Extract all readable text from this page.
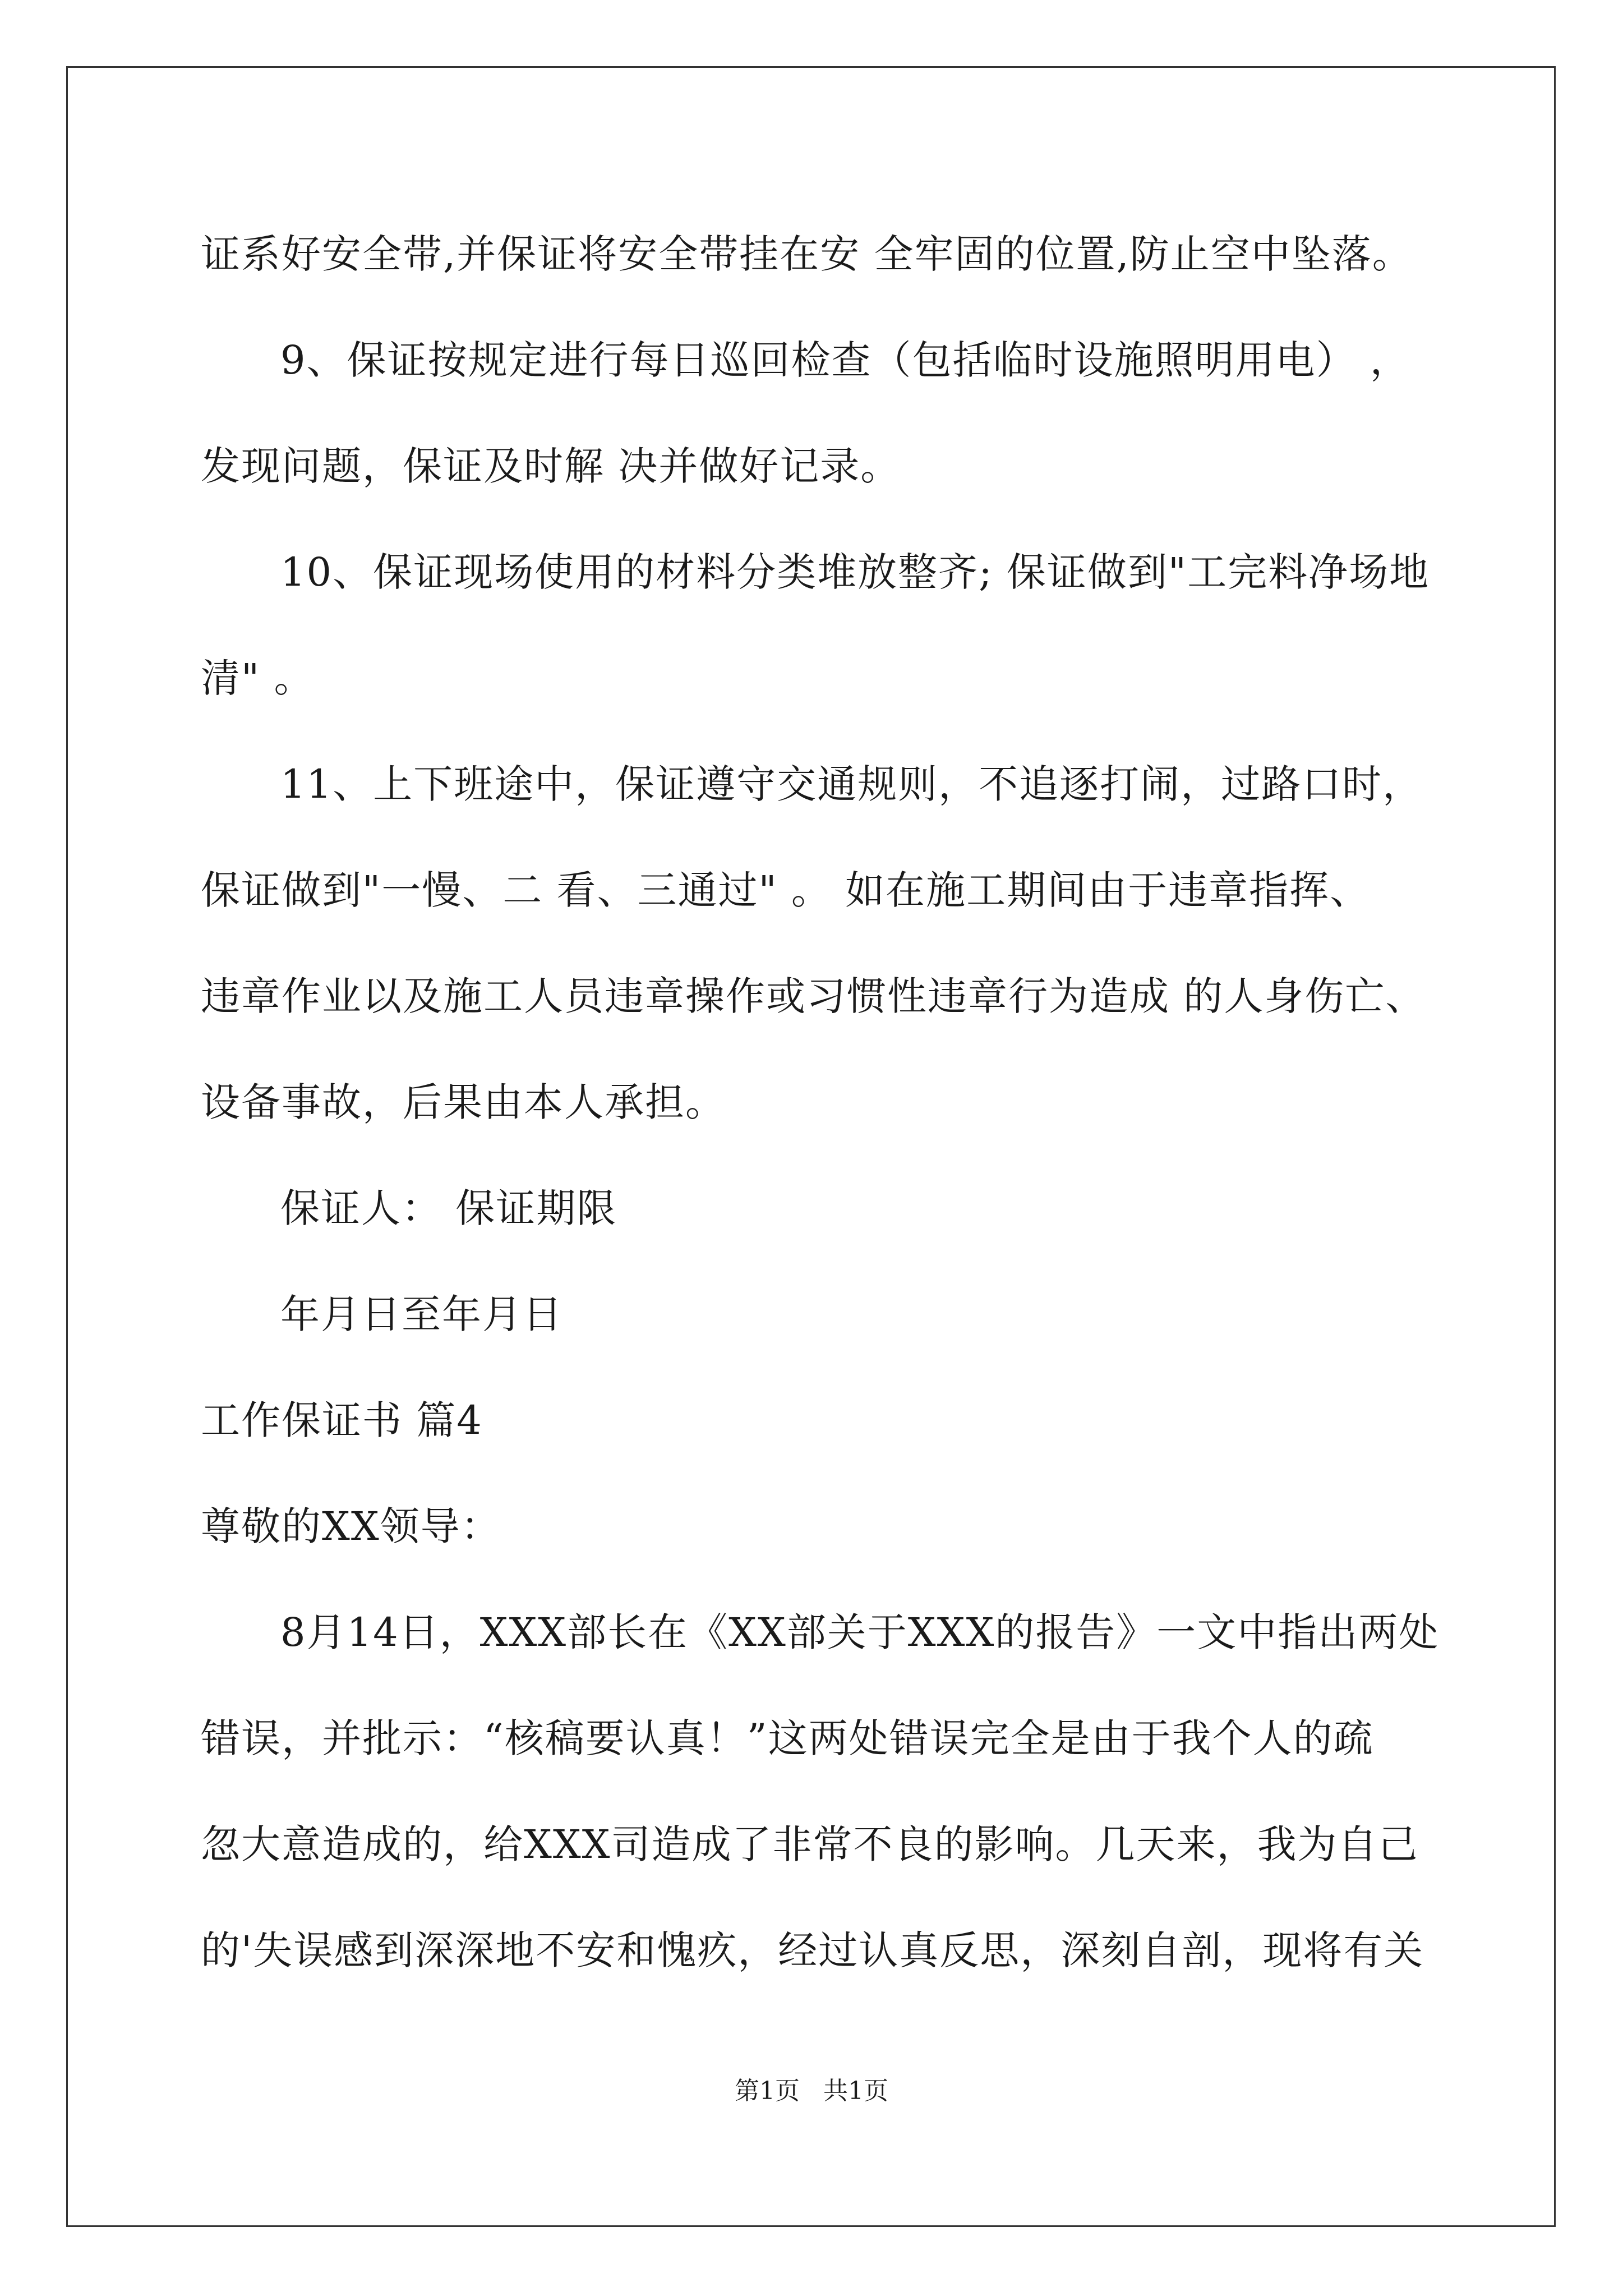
证系好安全带,并保证将安全带挂在安 全牢固的位置,防止空中坠落。

9、保证按规定进行每日巡回检查（包括临时设施照明用电） ，

发现问题，保证及时解 决并做好记录。

10、保证现场使用的材料分类堆放整齐; 保证做到"工完料净场地

清" 。

11、上下班途中，保证遵守交通规则，不追逐打闹，过路口时，

保证做到"一慢、二 看、三通过" 。 如在施工期间由于违章指挥、

违章作业以及施工人员违章操作或习惯性违章行为造成 的人身伤亡、

设备事故，后果由本人承担。

保证人： 保证期限

年月日至年月日

工作保证书 篇4

尊敬的XX领导：

8月14日，XXX部长在《XX部关于XXX的报告》一文中指出两处

错误，并批示：“核稿要认真！”这两处错误完全是由于我个人的疏

忽大意造成的，给XXX司造成了非常不良的影响。几天来，我为自己

的'失误感到深深地不安和愧疚，经过认真反思，深刻自剖，现将有关

第1页   共1页
